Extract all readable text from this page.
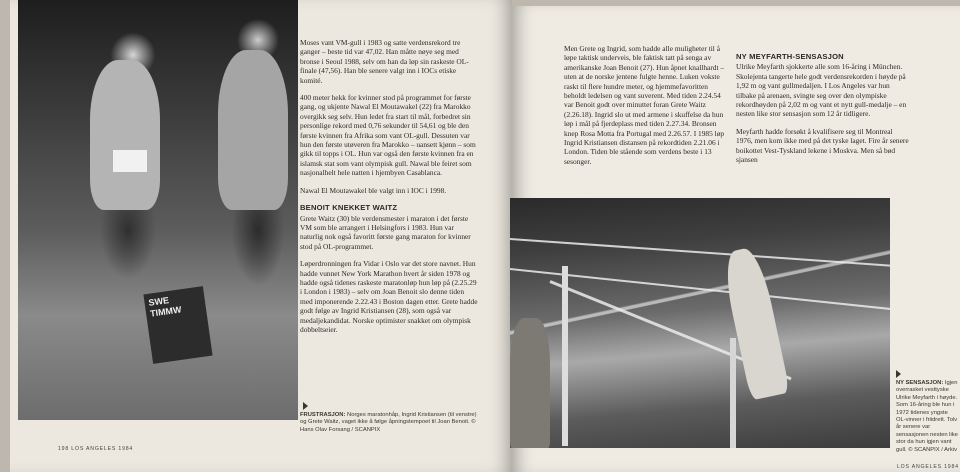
SWE TIMMW

Moses vant VM-gull i 1983 og satte verdensrekord tre ganger – beste tid var 47,02. Han måtte nøye seg med bronse i Seoul 1988, selv om han da løp sin raskeste OL-finale (47,56). Han ble senere valgt inn i IOCs etiske komité.

400 meter hekk for kvinner stod på programmet for første gang, og ukjente Nawal El Moutawakel (22) fra Marokko overgikk seg selv. Hun ledet fra start til mål, forbedret sin personlige rekord med 0,76 sekunder til 54,61 og ble den første kvinnen fra Afrika som vant OL-gull. Dessuten var hun den første utøveren fra Marokko – uansett kjønn – som gikk til topps i OL. Hun var også den første kvinnen fra en islamsk stat som vant olympisk gull. Nawal ble feiret som nasjonalhelt hele natten i hjembyen Casablanca.

Nawal El Moutawakel ble valgt inn i IOC i 1998.

BENOIT KNEKKET WAITZ

Grete Waitz (30) ble verdensmester i maraton i det første VM som ble arrangert i Helsingfors i 1983. Hun var naturlig nok også favoritt første gang maraton for kvinner stod på OL-programmet.

Løperdronningen fra Vidar i Oslo var det store navnet. Hun hadde vunnet New York Marathon hvert år siden 1978 og hadde også tidenes raskeste maratonløp hun løp på (2.25.29 i London i 1983) – selv om Joan Benoit slo denne tiden med imponerende 2.22.43 i Boston dagen etter. Grete hadde godt følge av Ingrid Kristiansen (28), som også var medaljekandidat. Norske optimister snakket om olympisk dobbeltseier.

FRUSTRASJON: Norges maratonhåp, Ingrid Kristiansen (til venstre) og Grete Waitz, vaget ikke å følge åpningstempoet til Joan Benoit. © Hans Olav Forsang / SCANPIX
198 LOS ANGELES 1984

Men Grete og Ingrid, som hadde alle muligheter til å løpe taktisk underveis, ble faktisk tatt på senga av amerikanske Joan Benoit (27). Hun åpnet knallhardt – uten at de norske jentene fulgte henne. Luken vokste raskt til flere hundre meter, og hjemmefavoritten beholdt ledelsen og vant suverent. Med tiden 2.24.54 var Benoit godt over minuttet foran Grete Waitz (2.26.18). Ingrid slo ut med armene i skuffelse da hun løp i mål på fjerdeplass med tiden 2.27.34. Bronsen knep Rosa Motta fra Portugal med 2.26.57. I 1985 løp Ingrid Kristiansen distansen på rekordtiden 2.21.06 i London. Tiden ble stående som verdens beste i 13 sesonger.

NY MEYFARTH-SENSASJON

Ulrike Meyfarth sjokkerte alle som 16-åring i München. Skolejenta tangerte hele godt verdensrekorden i høyde på 1,92 m og vant gullmedaljen. I Los Angeles var hun tilbake på arenaen, svingte seg over den olympiske rekordhøyden på 2,02 m og vant et nytt gull-medalje – en nesten like stor sensasjon som 12 år tidligere.

Meyfarth hadde forsøkt å kvalifisere seg til Montreal 1976, men kom ikke med på det tyske laget. Fire år senere boikottet Vest-Tyskland lekene i Moskva. Men så bød sjansen

NY SENSASJON: Igjen overrasket vesttyske Ulrike Meyfarth i høyde. Som 16-åring ble hun i 1972 tidenes yngste OL-vinner i friidrett. Tolv år senere var sensasjonen nesten like stor da hun igjen vant gull. © SCANPIX / Arkiv
LOS ANGELES 1984
